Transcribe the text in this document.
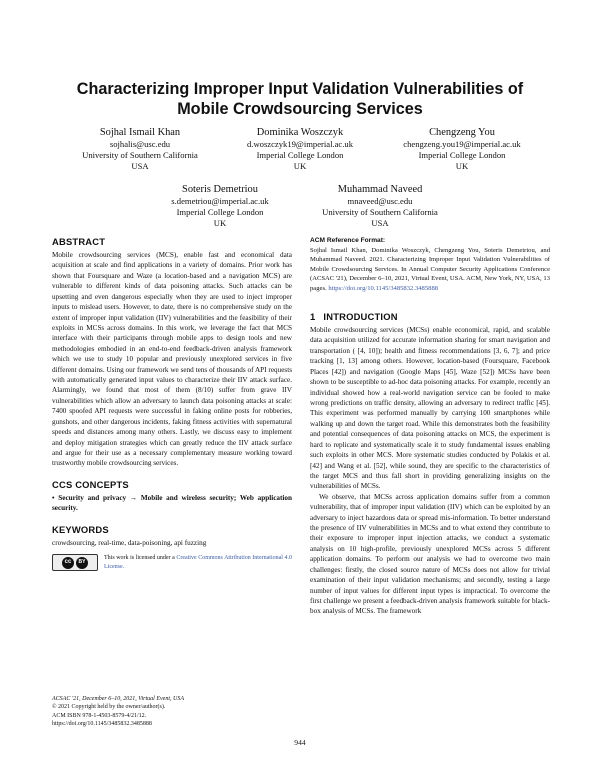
Characterizing Improper Input Validation Vulnerabilities of
Mobile Crowdsourcing Services
Sojhal Ismail Khan
sojhalis@usc.edu
University of Southern California
USA
Dominika Woszczyk
d.woszczyk19@imperial.ac.uk
Imperial College London
UK
Chengzeng You
chengzeng.you19@imperial.ac.uk
Imperial College London
UK
Soteris Demetriou
s.demetriou@imperial.ac.uk
Imperial College London
UK
Muhammad Naveed
mnaveed@usc.edu
University of Southern California
USA
ABSTRACT

Mobile crowdsourcing services (MCS), enable fast and economical data acquisition at scale and find applications in a variety of domains. Prior work has shown that Foursquare and Waze (a location-based and a navigation MCS) are vulnerable to different kinds of data poisoning attacks. Such attacks can be upsetting and even dangerous especially when they are used to inject improper inputs to mislead users. However, to date, there is no comprehensive study on the extent of improper input validation (IIV) vulnerabilities and the feasibility of their exploits in MCSs across domains. In this work, we leverage the fact that MCS interface with their participants through mobile apps to design tools and new methodologies embodied in an end-to-end feedback-driven analysis framework which we use to study 10 popular and previously unexplored services in five different domains. Using our framework we send tens of thousands of API requests with automatically generated input values to characterize their IIV attack surface. Alarmingly, we found that most of them (8/10) suffer from grave IIV vulnerabilities which allow an adversary to launch data poisoning attacks at scale: 7400 spoofed API requests were successful in faking online posts for robberies, gunshots, and other dangerous incidents, faking fitness activities with supernatural speeds and distances among many others. Lastly, we discuss easy to implement and deploy mitigation strategies which can greatly reduce the IIV attack surface and argue for their use as a necessary complementary measure working toward trustworthy mobile crowdsourcing services.

CCS CONCEPTS

• Security and privacy → Mobile and wireless security; Web application security.

KEYWORDS

crowdsourcing, real-time, data-poisoning, api fuzzing

cc	BY
This work is licensed under a Creative Commons Attribution International 4.0 License.
ACSAC '21, December 6–10, 2021, Virtual Event, USA
© 2021 Copyright held by the owner/author(s).
ACM ISBN 978-1-4503-8579-4/21/12.
https://doi.org/10.1145/3485832.3485888
ACM Reference Format:

Sojhal Ismail Khan, Dominika Woszczyk, Chengzeng You, Soteris Demetriou, and Muhammad Naveed. 2021. Characterizing Improper Input Validation Vulnerabilities of Mobile Crowdsourcing Services. In Annual Computer Security Applications Conference (ACSAC '21), December 6–10, 2021, Virtual Event, USA. ACM, New York, NY, USA, 13 pages. https://doi.org/10.1145/3485832.3485888

1 INTRODUCTION

Mobile crowdsourcing services (MCSs) enable economical, rapid, and scalable data acquisition utilized for accurate information sharing for smart navigation and transportation ( [4, 10]); health and fitness recommendations [3, 6, 7]; and price tracking [1, 13] among others. However, location-based (Foursquare, Facebook Places [42]) and navigation (Google Maps [45], Waze [52]) MCSs have been shown to be susceptible to ad-hoc data poisoning attacks. For example, recently an individual showed how a real-world navigation service can be fooled to make wrong predictions on traffic density, allowing an adversary to redirect traffic [45]. This experiment was performed manually by carrying 100 smartphones while walking up and down the target road. While this demonstrates both the feasibility and potential consequences of data poisoning attacks on MCS, the experiment is hard to replicate and systematically scale it to study fundamental issues enabling such exploits in other MCS. More systematic studies conducted by Polakis et al. [42] and Wang et al. [52], while sound, they are specific to the characteristics of the target MCS and thus fall short in providing generalizing insights on the vulnerabilities of MCSs.

We observe, that MCSs across application domains suffer from a common vulnerability, that of improper input validation (IIV) which can be exploited by an adversary to inject hazardous data or spread mis-information. To better understand the presence of IIV vulnerabilities in MCSs and to what extend they contribute to their exposure to improper input injection attacks, we conduct a systematic analysis on 10 high-profile, previously unexplored MCSs across 5 different application domains. To perform our analysis we had to overcome two main challenges: firstly, the closed source nature of MCSs does not allow for trivial examination of their input validation mechanisms; and secondly, testing a large number of input values for different input types is impractical. To overcome the first challenge we present a feedback-driven analysis framework suitable for black-box analysis of MCSs. The framework

944
